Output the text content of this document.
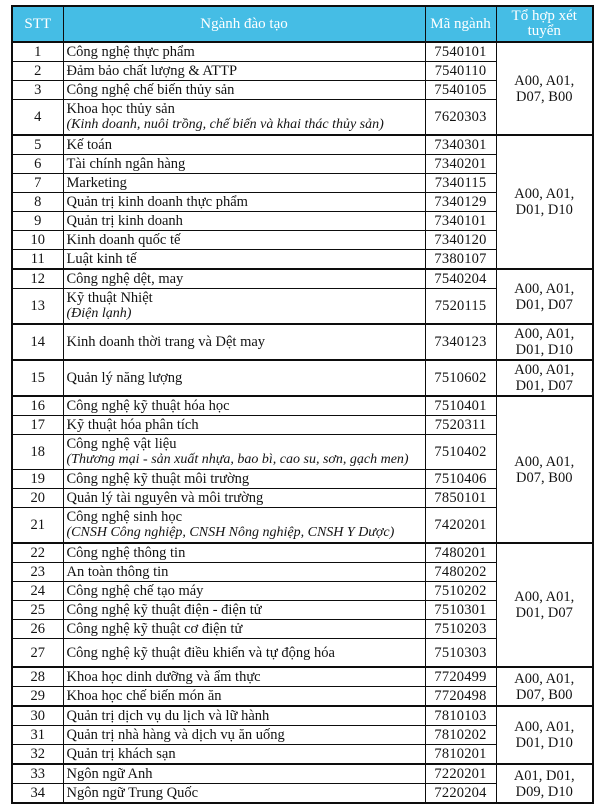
STT	Ngành đào tạo	Mã ngành	Tổ hợp xét tuyển
1	Công nghệ thực phẩm	7540101	A00, A01,
D07, B00

2	Đảm bảo chất lượng & ATTP	7540110	
3	Công nghệ chế biến thủy sản	7540105	
4	Khoa học thủy sản
(Kinh doanh, nuôi trồng, chế biến và khai thác thủy sản)	7620303	
5	Kế toán	7340301	A00, A01,
D01, D10

6	Tài chính ngân hàng	7340201	
7	Marketing	7340115	
8	Quản trị kinh doanh thực phẩm	7340129	
9	Quản trị kinh doanh	7340101	
10	Kinh doanh quốc tế	7340120	
11	Luật kinh tế	7380107	
12	Công nghệ dệt, may	7540204	A00, A01,
D01, D07

13	Kỹ thuật Nhiệt
(Điện lạnh)	7520115	
14	Kinh doanh thời trang và Dệt may	7340123	A00, A01,
D01, D10

15	Quản lý năng lượng	7510602	A00, A01,
D01, D07

16	Công nghệ kỹ thuật hóa học	7510401	A00, A01,
D07, B00

17	Kỹ thuật hóa phân tích	7520311	
18	Công nghệ vật liệu
(Thương mại - sản xuất nhựa, bao bì, cao su, sơn, gạch men)	7510402	
19	Công nghệ kỹ thuật môi trường	7510406	
20	Quản lý tài nguyên và môi trường	7850101	
21	Công nghệ sinh học
(CNSH Công nghiệp, CNSH Nông nghiệp, CNSH Y Dược)	7420201	
22	Công nghệ thông tin	7480201	A00, A01,
D01, D07

23	An toàn thông tin	7480202	
24	Công nghệ chế tạo máy	7510202	
25	Công nghệ kỹ thuật điện - điện tử	7510301	
26	Công nghệ kỹ thuật cơ điện tử	7510203	
27	Công nghệ kỹ thuật điều khiển và tự động hóa	7510303	
28	Khoa học dinh dưỡng và ẩm thực	7720499	A00, A01,
D07, B00

29	Khoa học chế biến món ăn	7720498	
30	Quản trị dịch vụ du lịch và lữ hành	7810103	A00, A01,
D01, D10

31	Quản trị nhà hàng và dịch vụ ăn uống	7810202	
32	Quản trị khách sạn	7810201	
33	Ngôn ngữ Anh	7220201	A01, D01,
D09, D10

34	Ngôn ngữ Trung Quốc	7220204	
